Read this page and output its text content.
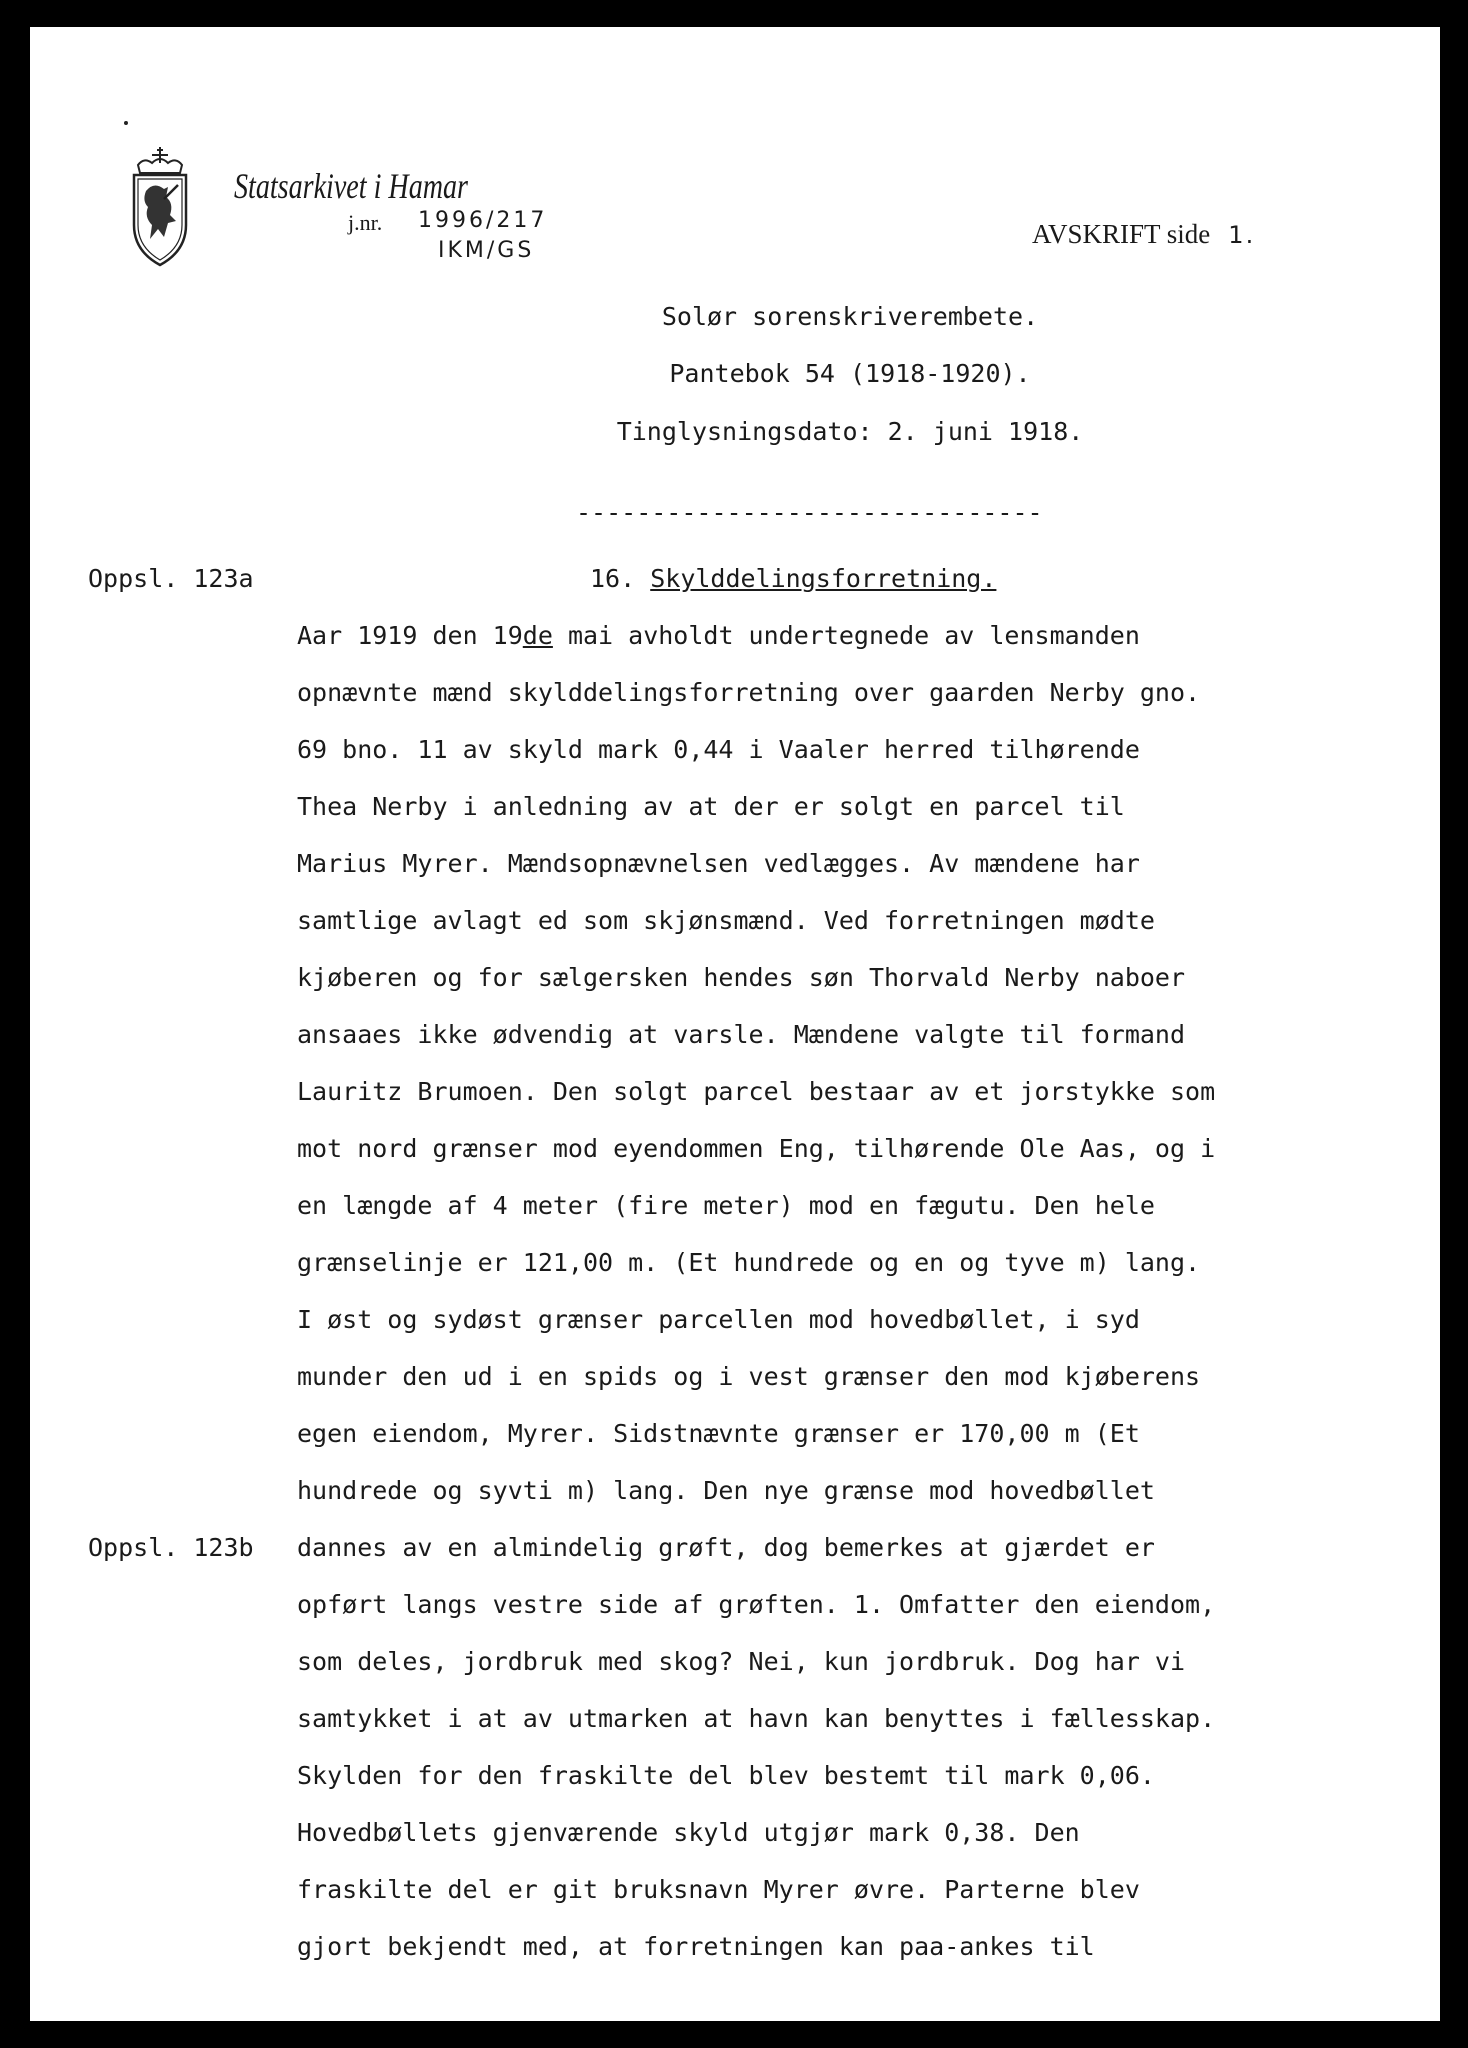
Statsarkivet i Hamar
j.nr. 1996/217
IKM/GS
AVSKRIFT side 1.
Solør sorenskriverembete.
Pantebok 54 (1918-1920).
Tinglysningsdato: 2. juni 1918.
-------------------------------
Oppsl. 123a	16. Skylddelingsforretning.
Aar 1919 den 19de mai avholdt undertegnede av lensmanden
opnævnte mænd skylddelingsforretning over gaarden Nerby gno.
69 bno. 11 av skyld mark 0,44 i Vaaler herred tilhørende
Thea Nerby i anledning av at der er solgt en parcel til
Marius Myrer. Mændsopnævnelsen vedlægges. Av mændene har
samtlige avlagt ed som skjønsmænd. Ved forretningen mødte
kjøberen og for sælgersken hendes søn Thorvald Nerby naboer
ansaaes ikke ødvendig at varsle. Mændene valgte til formand
Lauritz Brumoen. Den solgt parcel bestaar av et jorstykke som
mot nord grænser mod eyendommen Eng, tilhørende Ole Aas, og i
en længde af 4 meter (fire meter) mod en fægutu. Den hele
grænselinje er 121,00 m. (Et hundrede og en og tyve m) lang.
I øst og sydøst grænser parcellen mod hovedbøllet, i syd
munder den ud i en spids og i vest grænser den mod kjøberens
egen eiendom, Myrer. Sidstnævnte grænser er 170,00 m (Et
hundrede og syvti m) lang. Den nye grænse mod hovedbøllet
Oppsl. 123b dannes av en almindelig grøft, dog bemerkes at gjærdet er
opført langs vestre side af grøften. 1. Omfatter den eiendom,
som deles, jordbruk med skog? Nei, kun jordbruk. Dog har vi
samtykket i at av utmarken at havn kan benyttes i fællesskap.
Skylden for den fraskilte del blev bestemt til mark 0,06.
Hovedbøllets gjenværende skyld utgjør mark 0,38. Den
fraskilte del er git bruksnavn Myrer øvre. Parterne blev
gjort bekjendt med, at forretningen kan paa-ankes til
